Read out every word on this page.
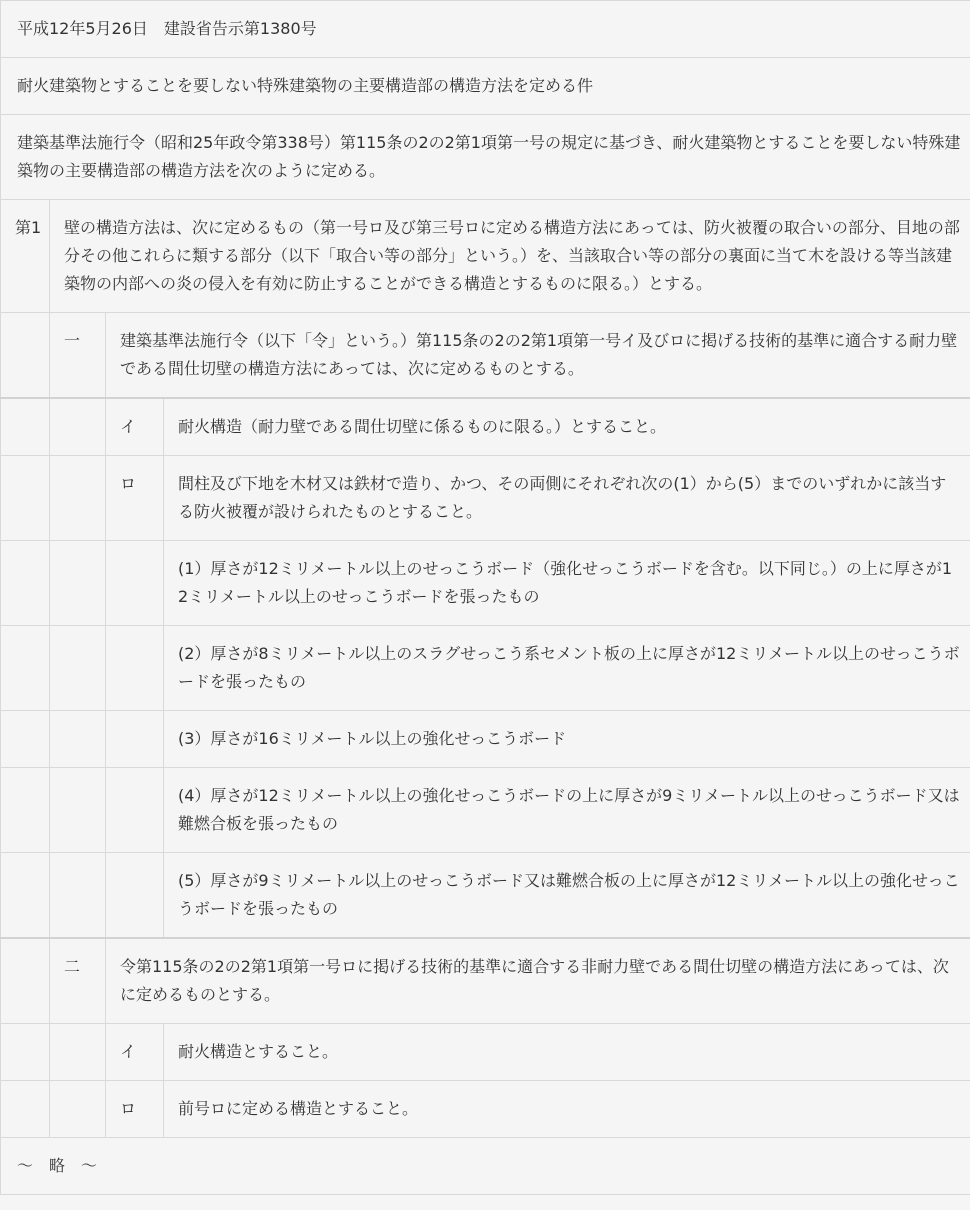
平成12年5月26日　建設省告示第1380号			
耐火建築物とすることを要しない特殊建築物の主要構造部の構造方法を定める件			
建築基準法施行令（昭和25年政令第338号）第115条の2の2第1項第一号の規定に基づき、耐火建築物とすることを要しない特殊建築物の主要構造部の構造方法を次のように定める。			
第1	壁の構造方法は、次に定めるもの（第一号ロ及び第三号ロに定める構造方法にあっては、防火被覆の取合いの部分、目地の部分その他これらに類する部分（以下「取合い等の部分」という。）を、当該取合い等の部分の裏面に当て木を設ける等当該建築物の内部への炎の侵入を有効に防止することができる構造とするものに限る。）とする。		
	一	建築基準法施行令（以下「令」という。）第115条の2の2第1項第一号イ及びロに掲げる技術的基準に適合する耐力壁である間仕切壁の構造方法にあっては、次に定めるものとする。	
		イ	耐火構造（耐力壁である間仕切壁に係るものに限る。）とすること。
		ロ	間柱及び下地を木材又は鉄材で造り、かつ、その両側にそれぞれ次の(1）から(5）までのいずれかに該当する防火被覆が設けられたものとすること。
			(1）厚さが12ミリメートル以上のせっこうボード（強化せっこうボードを含む。以下同じ。）の上に厚さが12ミリメートル以上のせっこうボードを張ったもの
			(2）厚さが8ミリメートル以上のスラグせっこう系セメント板の上に厚さが12ミリメートル以上のせっこうボードを張ったもの
			(3）厚さが16ミリメートル以上の強化せっこうボード
			(4）厚さが12ミリメートル以上の強化せっこうボードの上に厚さが9ミリメートル以上のせっこうボード又は難燃合板を張ったもの
			(5）厚さが9ミリメートル以上のせっこうボード又は難燃合板の上に厚さが12ミリメートル以上の強化せっこうボードを張ったもの
	二	令第115条の2の2第1項第一号ロに掲げる技術的基準に適合する非耐力壁である間仕切壁の構造方法にあっては、次に定めるものとする。	
		イ	耐火構造とすること。
		ロ	前号ロに定める構造とすること。
〜　略　〜			
